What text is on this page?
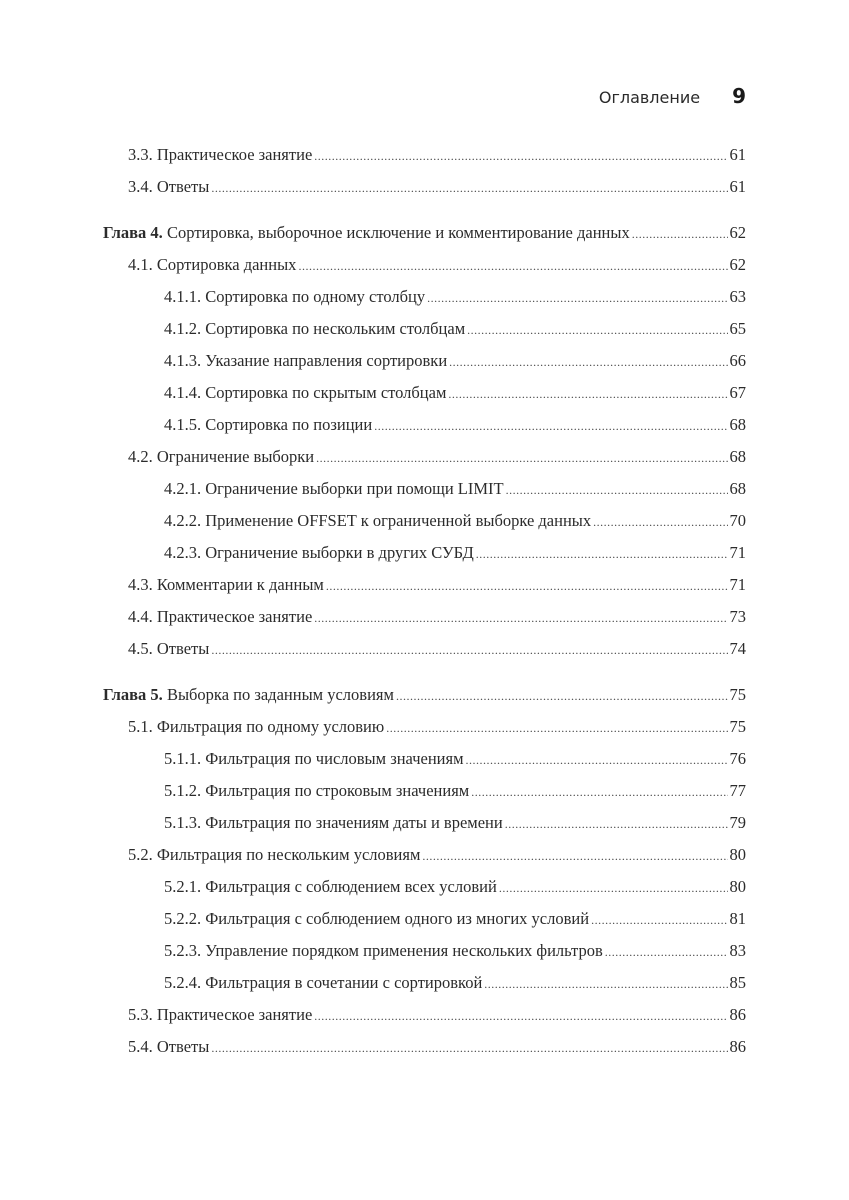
Оглавление 9
3.3. Практическое занятие .....	61
3.4. Ответы .....	61
Глава 4. Сортировка, выборочное исключение и комментирование данных .....	62
4.1. Сортировка данных .....	62
4.1.1. Сортировка по одному столбцу .....	63
4.1.2. Сортировка по нескольким столбцам .....	65
4.1.3. Указание направления сортировки .....	66
4.1.4. Сортировка по скрытым столбцам .....	67
4.1.5. Сортировка по позиции .....	68
4.2. Ограничение выборки .....	68
4.2.1. Ограничение выборки при помощи LIMIT .....	68
4.2.2. Применение OFFSET к ограниченной выборке данных .....	70
4.2.3. Ограничение выборки в других СУБД .....	71
4.3. Комментарии к данным .....	71
4.4. Практическое занятие .....	73
4.5. Ответы .....	74
Глава 5. Выборка по заданным условиям .....	75
5.1. Фильтрация по одному условию .....	75
5.1.1. Фильтрация по числовым значениям .....	76
5.1.2. Фильтрация по строковым значениям .....	77
5.1.3. Фильтрация по значениям даты и времени .....	79
5.2. Фильтрация по нескольким условиям .....	80
5.2.1. Фильтрация с соблюдением всех условий .....	80
5.2.2. Фильтрация с соблюдением одного из многих условий .....	81
5.2.3. Управление порядком применения нескольких фильтров .....	83
5.2.4. Фильтрация в сочетании с сортировкой .....	85
5.3. Практическое занятие .....	86
5.4. Ответы .....	86
